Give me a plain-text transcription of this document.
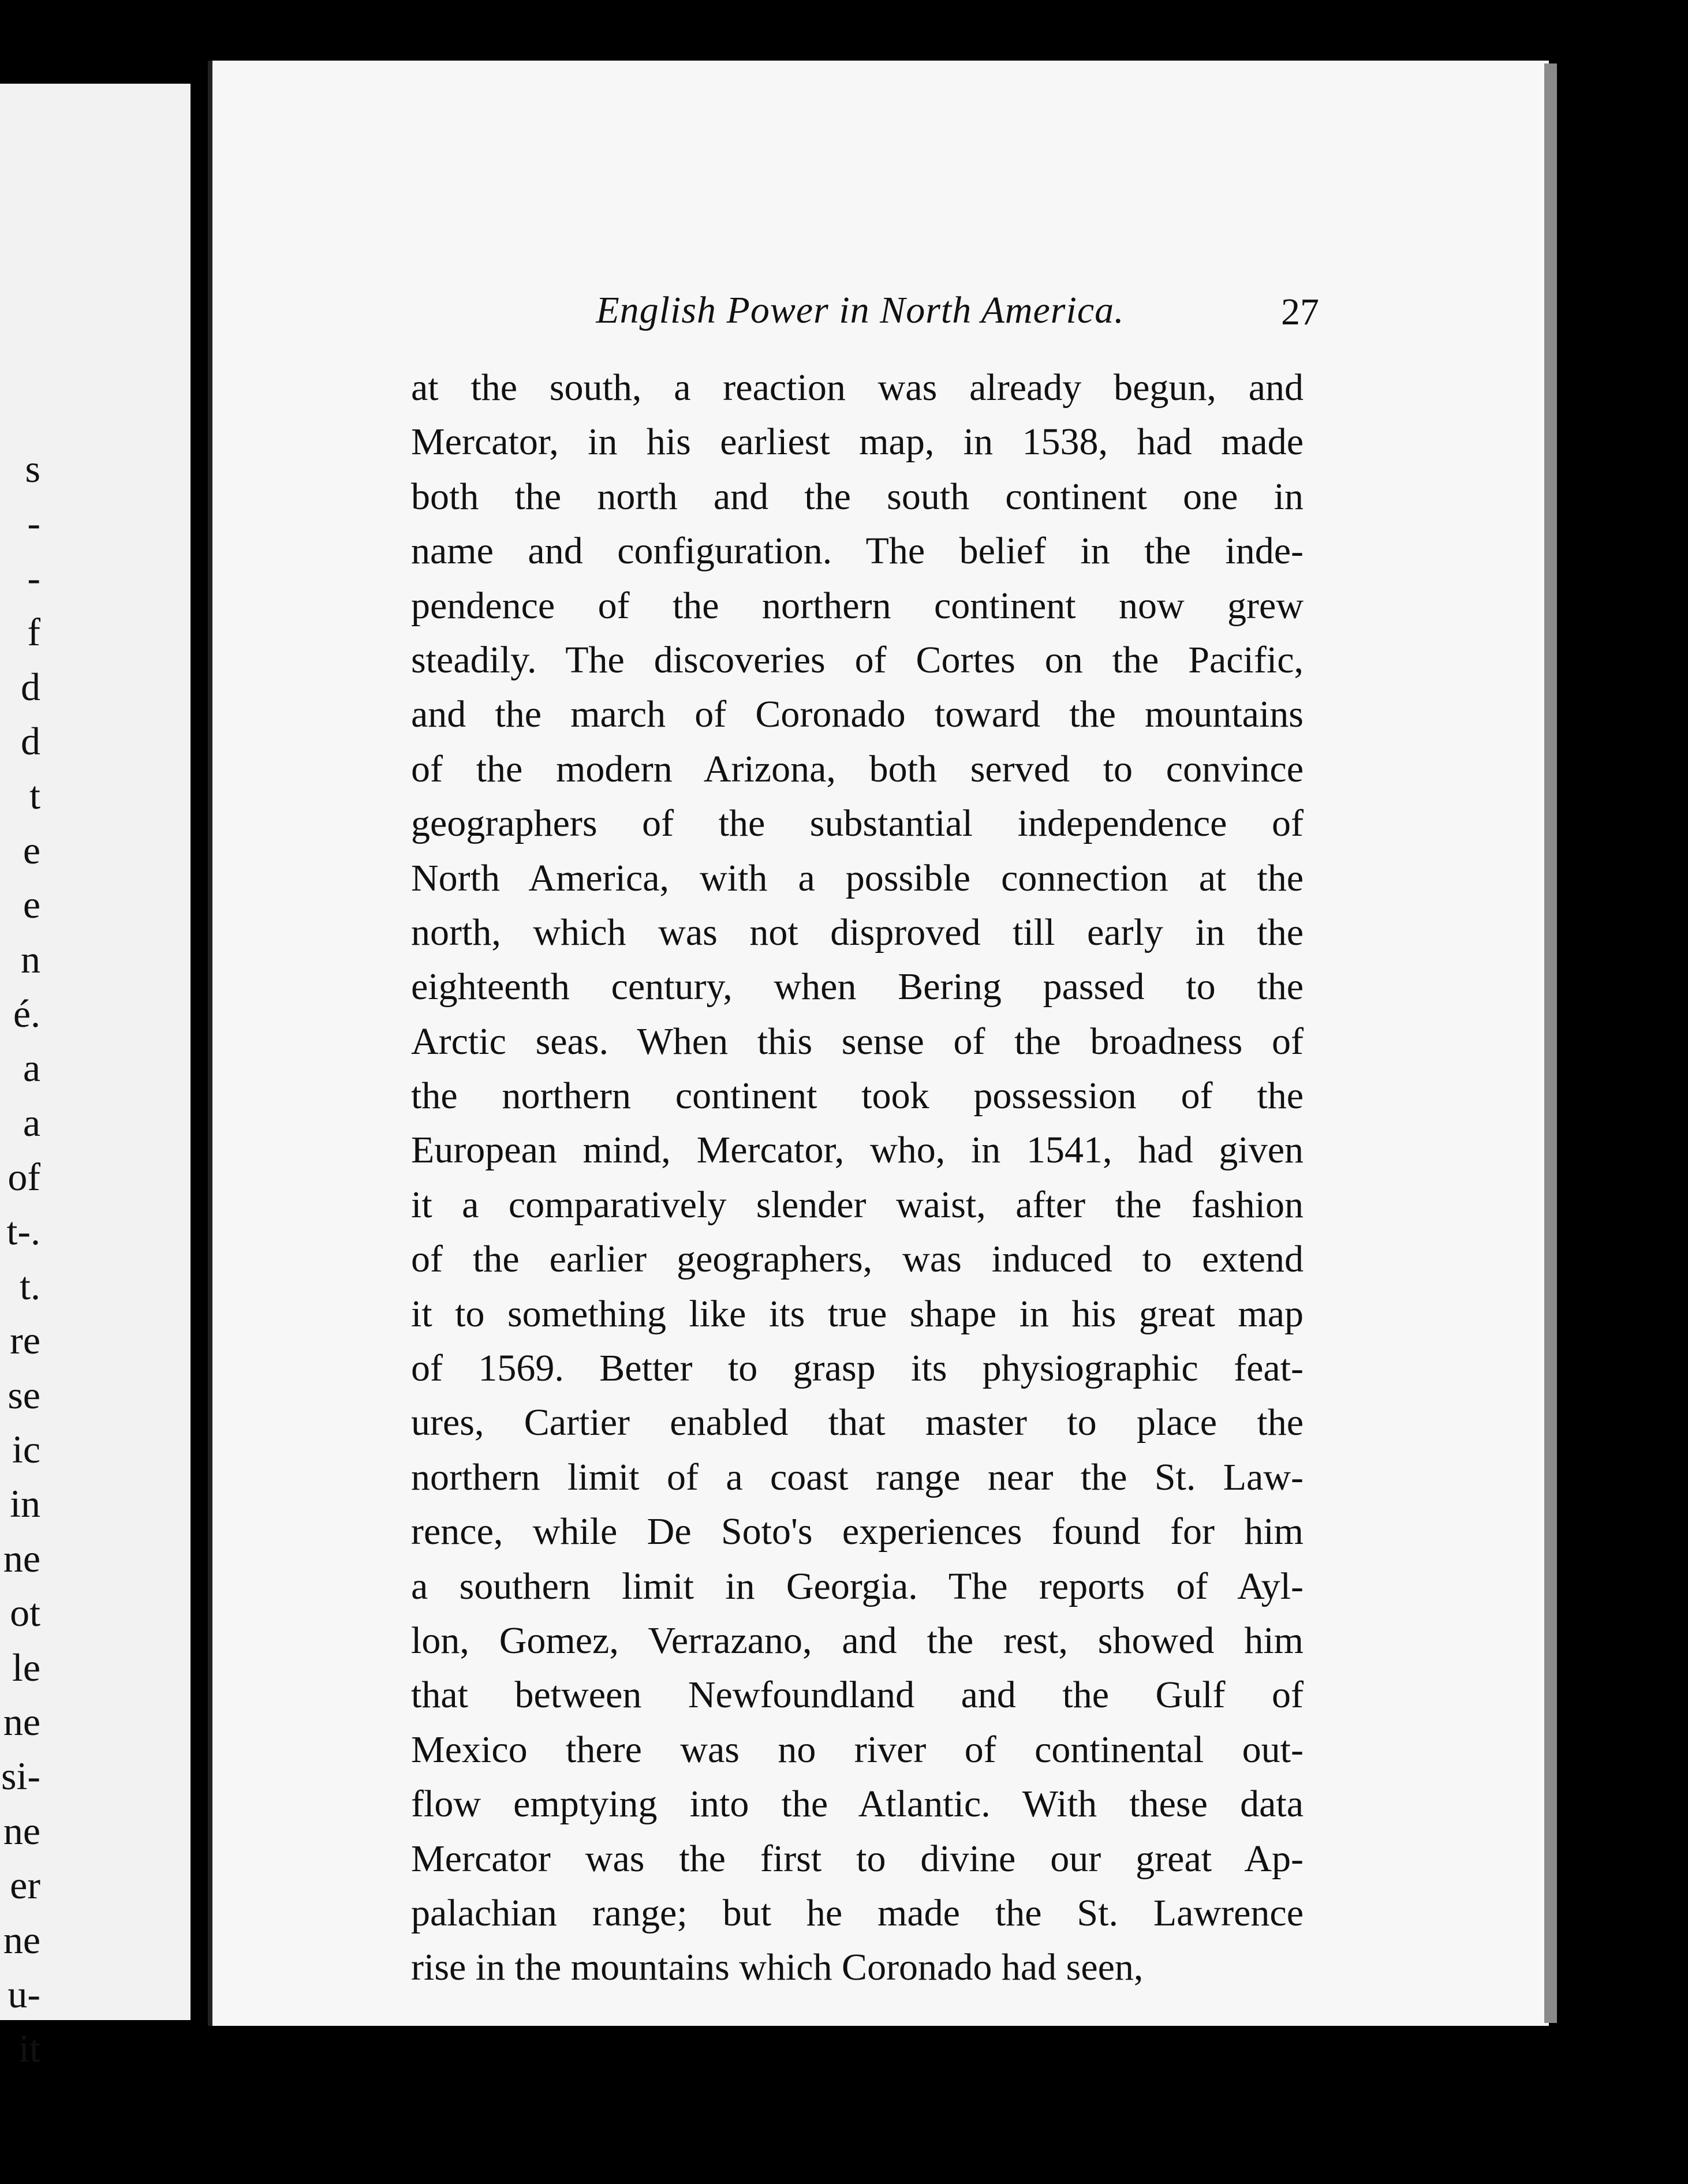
s
-
-
f
d
d
t
e
e
n
é.
a
a
of
t-.
t.
re
se
ic
in
ne
ot
le
ne
si-
ne
er
ne
u-
it
English Power in North America.	27
at the south, a reaction was already begun, and
Mercator, in his earliest map, in 1538, had made
both the north and the south continent one in
name and configuration. The belief in the inde-
pendence of the northern continent now grew
steadily. The discoveries of Cortes on the Pacific,
and the march of Coronado toward the mountains
of the modern Arizona, both served to convince
geographers of the substantial independence of
North America, with a possible connection at the
north, which was not disproved till early in the
eighteenth century, when Bering passed to the
Arctic seas. When this sense of the broadness of
the northern continent took possession of the
European mind, Mercator, who, in 1541, had given
it a comparatively slender waist, after the fashion
of the earlier geographers, was induced to extend
it to something like its true shape in his great map
of 1569. Better to grasp its physiographic feat-
ures, Cartier enabled that master to place the
northern limit of a coast range near the St. Law-
rence, while De Soto's experiences found for him
a southern limit in Georgia. The reports of Ayl-
lon, Gomez, Verrazano, and the rest, showed him
that between Newfoundland and the Gulf of
Mexico there was no river of continental out-
flow emptying into the Atlantic. With these data
Mercator was the first to divine our great Ap-
palachian range; but he made the St. Lawrence
rise in the mountains which Coronado had seen,
